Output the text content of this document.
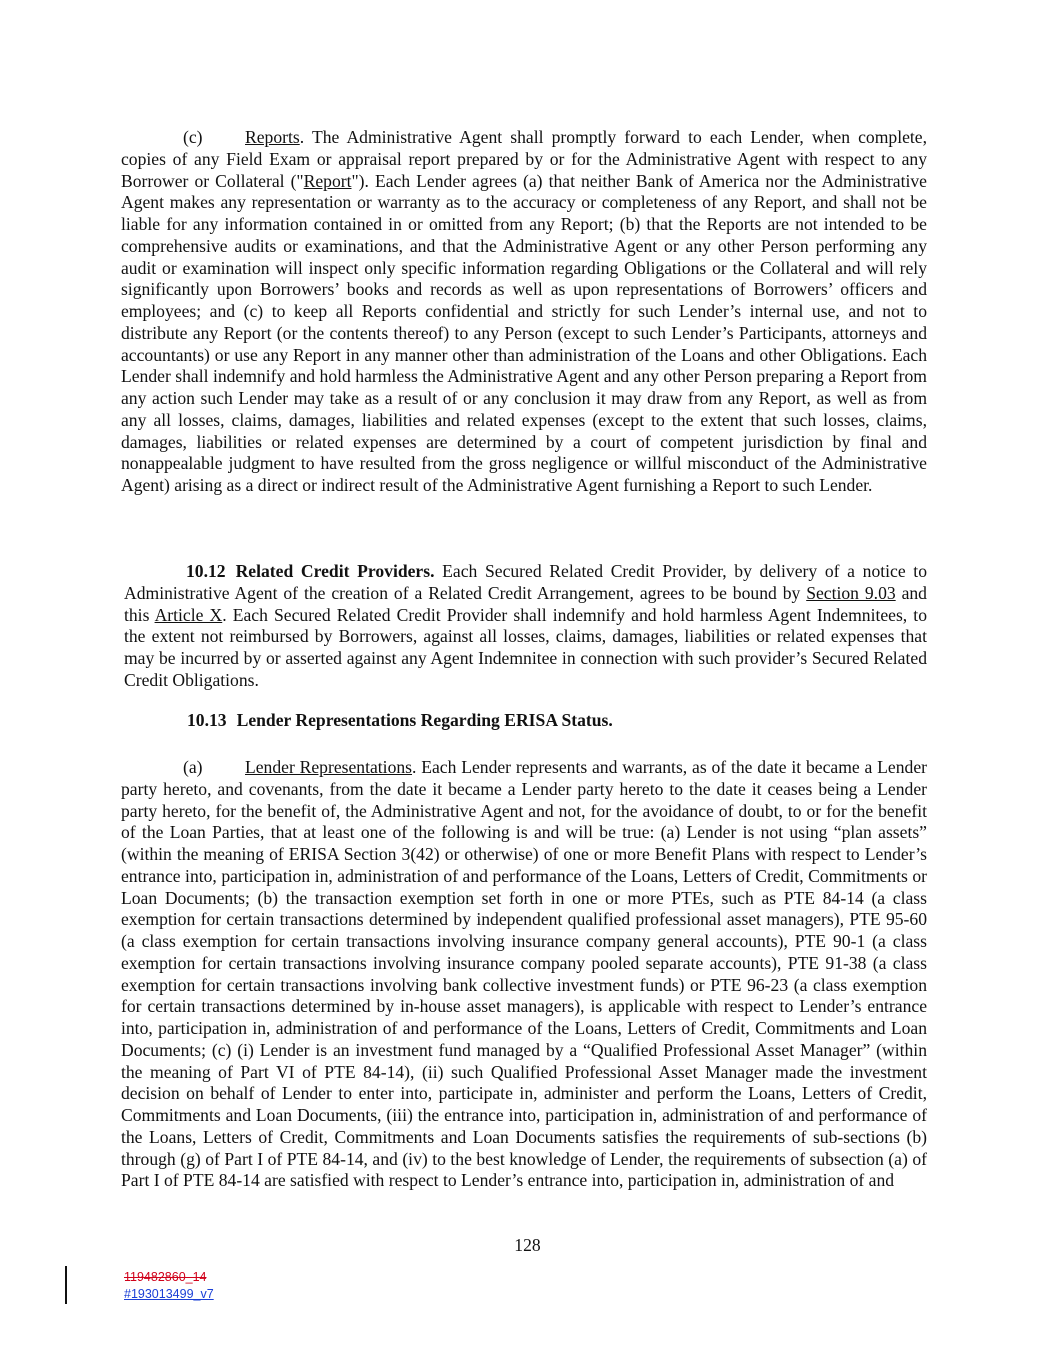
(c) Reports. The Administrative Agent shall promptly forward to each Lender, when complete, copies of any Field Exam or appraisal report prepared by or for the Administrative Agent with respect to any Borrower or Collateral ("Report"). Each Lender agrees (a) that neither Bank of America nor the Administrative Agent makes any representation or warranty as to the accuracy or completeness of any Report, and shall not be liable for any information contained in or omitted from any Report; (b) that the Reports are not intended to be comprehensive audits or examinations, and that the Administrative Agent or any other Person performing any audit or examination will inspect only specific information regarding Obligations or the Collateral and will rely significantly upon Borrowers’ books and records as well as upon representations of Borrowers’ officers and employees; and (c) to keep all Reports confidential and strictly for such Lender’s internal use, and not to distribute any Report (or the contents thereof) to any Person (except to such Lender’s Participants, attorneys and accountants) or use any Report in any manner other than administration of the Loans and other Obligations. Each Lender shall indemnify and hold harmless the Administrative Agent and any other Person preparing a Report from any action such Lender may take as a result of or any conclusion it may draw from any Report, as well as from any all losses, claims, damages, liabilities and related expenses (except to the extent that such losses, claims, damages, liabilities or related expenses are determined by a court of competent jurisdiction by final and nonappealable judgment to have resulted from the gross negligence or willful misconduct of the Administrative Agent) arising as a direct or indirect result of the Administrative Agent furnishing a Report to such Lender.

10.12 Related Credit Providers. Each Secured Related Credit Provider, by delivery of a notice to Administrative Agent of the creation of a Related Credit Arrangement, agrees to be bound by Section 9.03 and this Article X. Each Secured Related Credit Provider shall indemnify and hold harmless Agent Indemnitees, to the extent not reimbursed by Borrowers, against all losses, claims, damages, liabilities or related expenses that may be incurred by or asserted against any Agent Indemnitee in connection with such provider’s Secured Related Credit Obligations.

10.13 Lender Representations Regarding ERISA Status.

(a) Lender Representations. Each Lender represents and warrants, as of the date it became a Lender party hereto, and covenants, from the date it became a Lender party hereto to the date it ceases being a Lender party hereto, for the benefit of, the Administrative Agent and not, for the avoidance of doubt, to or for the benefit of the Loan Parties, that at least one of the following is and will be true: (a) Lender is not using “plan assets” (within the meaning of ERISA Section 3(42) or otherwise) of one or more Benefit Plans with respect to Lender’s entrance into, participation in, administration of and performance of the Loans, Letters of Credit, Commitments or Loan Documents; (b) the transaction exemption set forth in one or more PTEs, such as PTE 84-14 (a class exemption for certain transactions determined by independent qualified professional asset managers), PTE 95-60 (a class exemption for certain transactions involving insurance company general accounts), PTE 90-1 (a class exemption for certain transactions involving insurance company pooled separate accounts), PTE 91-38 (a class exemption for certain transactions involving bank collective investment funds) or PTE 96-23 (a class exemption for certain transactions determined by in-house asset managers), is applicable with respect to Lender’s entrance into, participation in, administration of and performance of the Loans, Letters of Credit, Commitments and Loan Documents; (c) (i) Lender is an investment fund managed by a “Qualified Professional Asset Manager” (within the meaning of Part VI of PTE 84-14), (ii) such Qualified Professional Asset Manager made the investment decision on behalf of Lender to enter into, participate in, administer and perform the Loans, Letters of Credit, Commitments and Loan Documents, (iii) the entrance into, participation in, administration of and performance of the Loans, Letters of Credit, Commitments and Loan Documents satisfies the requirements of sub-sections (b) through (g) of Part I of PTE 84-14, and (iv) to the best knowledge of Lender, the requirements of subsection (a) of Part I of PTE 84-14 are satisfied with respect to Lender’s entrance into, participation in, administration of and

128
119482860_14
#193013499_v7
